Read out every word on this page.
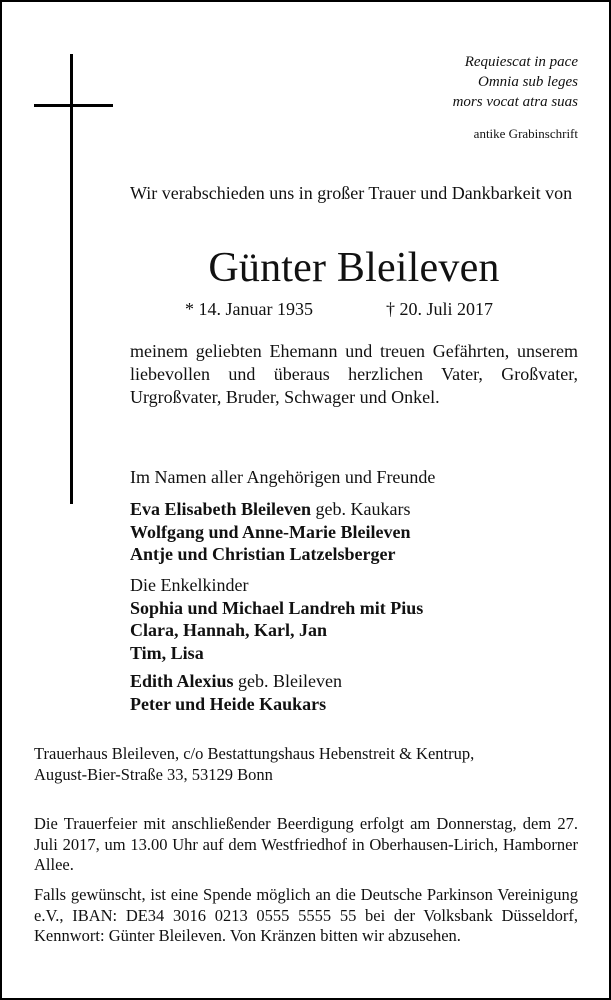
Requiescat in pace
Omnia sub leges
mors vocat atra suas
antike Grabinschrift
Wir verabschieden uns in großer Trauer und Dankbarkeit von
Günter Bleileven
* 14. Januar 1935	† 20. Juli 2017
meinem geliebten Ehemann und treuen Gefährten, unserem liebevollen und überaus herzlichen Vater, Großvater, Urgroßvater, Bruder, Schwager und Onkel.
Im Namen aller Angehörigen und Freunde
Eva Elisabeth Bleileven geb. Kaukars
Wolfgang und Anne-Marie Bleileven
Antje und Christian Latzelsberger
Die Enkelkinder
Sophia und Michael Landreh mit Pius
Clara, Hannah, Karl, Jan
Tim, Lisa
Edith Alexius geb. Bleileven
Peter und Heide Kaukars
Trauerhaus Bleileven, c/o Bestattungshaus Hebenstreit & Kentrup,
August-Bier-Straße 33, 53129 Bonn
Die Trauerfeier mit anschließender Beerdigung erfolgt am Donnerstag, dem 27. Juli 2017, um 13.00 Uhr auf dem Westfriedhof in Oberhausen-Lirich, Hamborner Allee.
Falls gewünscht, ist eine Spende möglich an die Deutsche Parkinson Vereinigung e.V., IBAN: DE34 3016 0213 0555 5555 55 bei der Volksbank Düsseldorf, Kennwort: Günter Bleileven. Von Kränzen bitten wir abzusehen.
